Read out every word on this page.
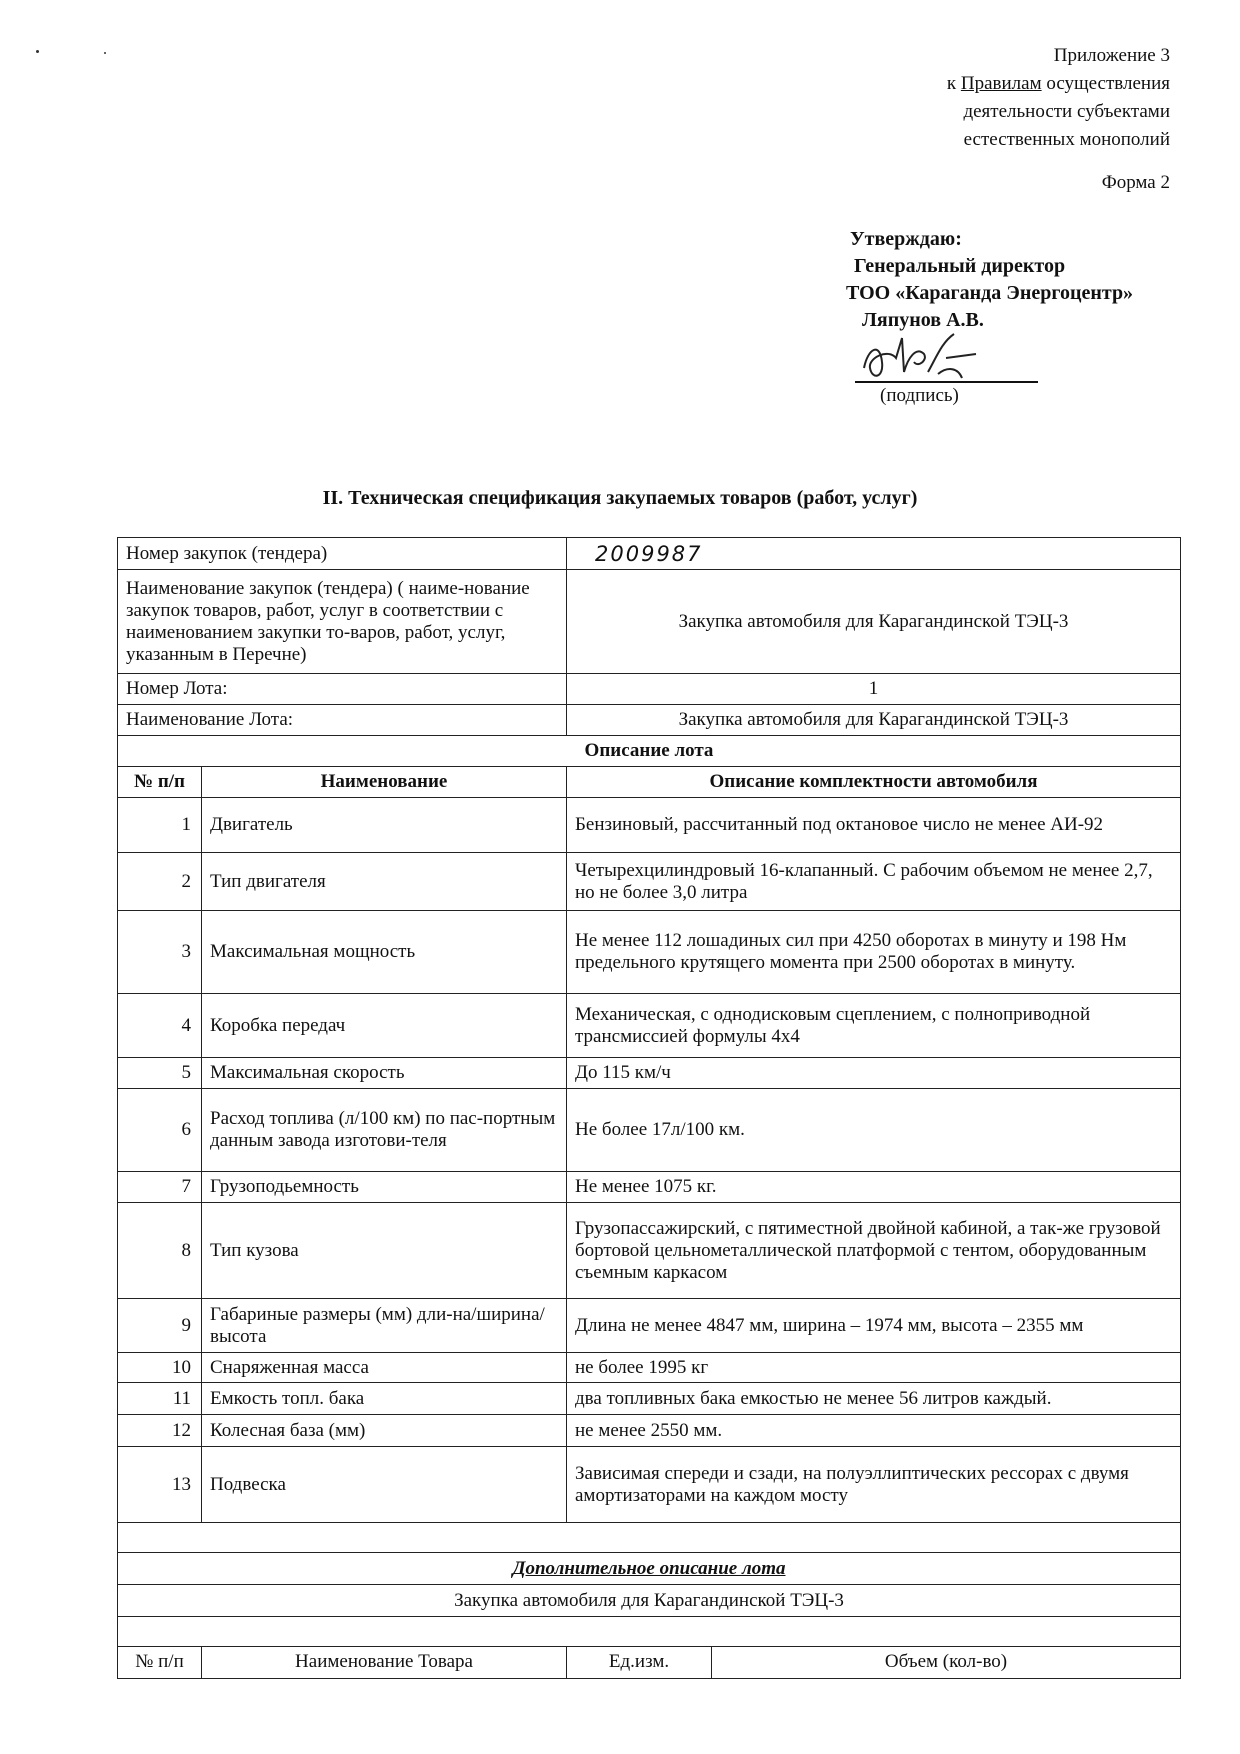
Приложение 3
к Правилам осуществления
деятельности субъектами
естественных монополий
Форма 2
Утверждаю:
Генеральный директор
ТОО «Караганда Энергоцентр»
Ляпунов А.В.
(подпись)
II. Техническая спецификация закупаемых товаров (работ, услуг)
Номер закупок (тендера)		2009987
Наименование закупок (тендера) ( наиме-нование закупок товаров, работ, услуг в соответствии с наименованием закупки то-варов, работ, услуг, указанным в Перечне)		Закупка автомобиля для Карагандинской ТЭЦ-3
Номер Лота:		1
Наименование Лота:		Закупка автомобиля для Карагандинской ТЭЦ-3
Описание лота		
№ п/п	Наименование	Описание комплектности автомобиля
1	Двигатель	Бензиновый, рассчитанный под октановое число не менее АИ-92
2	Тип двигателя	Четырехцилиндровый 16-клапанный. С рабочим объемом не менее 2,7, но не более 3,0 литра
3	Максимальная мощность	Не менее 112 лошадиных сил при 4250 оборотах в минуту и 198 Нм предельного крутящего момента при 2500 оборотах в минуту.
4	Коробка передач	Механическая, с однодисковым сцеплением, с полноприводной трансмиссией формулы 4x4
5	Максимальная скорость	До 115 км/ч
6	Расход топлива (л/100 км) по пас-портным данным завода изготови-теля	Не более 17л/100 км.
7	Грузоподьемность	Не менее 1075 кг.
8	Тип кузова	Грузопассажирский, с пятиместной двойной кабиной, а так-же грузовой бортовой цельнометаллической платформой с тентом, оборудованным съемным каркасом
9	Габариные размеры (мм) дли-на/ширина/высота	Длина не менее 4847 мм, ширина – 1974 мм, высота – 2355 мм
10	Снаряженная масса	не более 1995 кг
11	Емкость топл. бака	два топливных бака емкостью не менее 56 литров каждый.
12	Колесная база (мм)	не менее 2550 мм.
13	Подвеска	Зависимая спереди и сзади, на полуэллиптических рессорах с двумя амортизаторами на каждом мосту

Дополнительное описание лота		
Закупка автомобиля для Карагандинской ТЭЦ-3		

№ п/п	Наименование Товара	Ед.изм.	Объем (кол-во)
